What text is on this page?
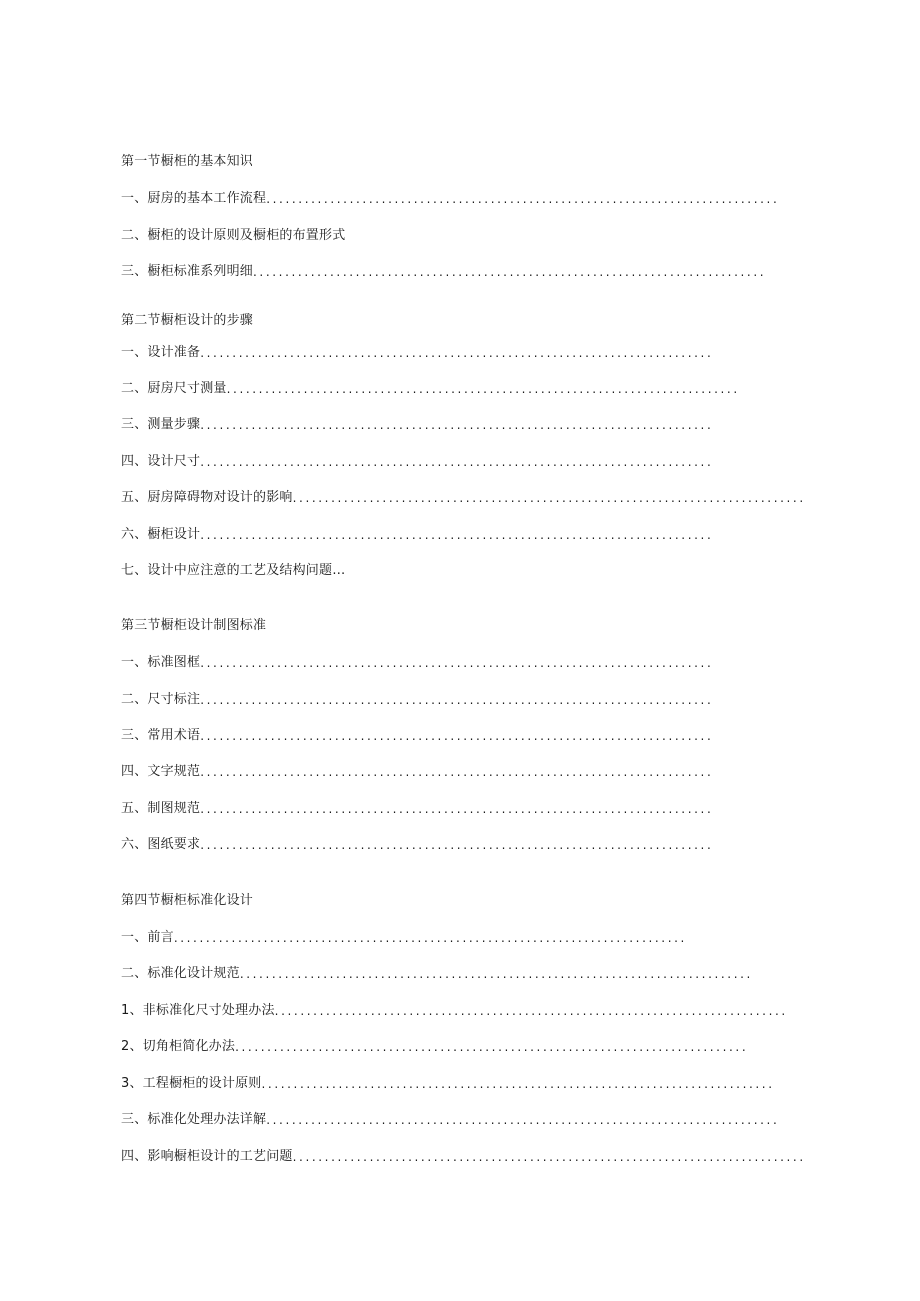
第一节橱柜的基本知识
一、厨房的基本工作流程 ................................................................................
二、橱柜的设计原则及橱柜的布置形式
三、橱柜标准系列明细 ................................................................................
第二节橱柜设计的步骤
一、设计准备 ................................................................................
二、厨房尺寸测量 ................................................................................
三、测量步骤 ................................................................................
四、设计尺寸 ................................................................................
五、厨房障碍物对设计的影响 ................................................................................
六、橱柜设计 ................................................................................
七、设计中应注意的工艺及结构问题…
第三节橱柜设计制图标准
一、标准图框 ................................................................................
二、尺寸标注 ................................................................................
三、常用术语 ................................................................................
四、文字规范 ................................................................................
五、制图规范 ................................................................................
六、图纸要求 ................................................................................
第四节橱柜标准化设计
一、前言 ................................................................................
二、标准化设计规范 ................................................................................
1、非标准化尺寸处理办法 ................................................................................
2、切角柜简化办法 ................................................................................
3、工程橱柜的设计原则 ................................................................................
三、标准化处理办法详解 ................................................................................
四、影响橱柜设计的工艺问题 ................................................................................
